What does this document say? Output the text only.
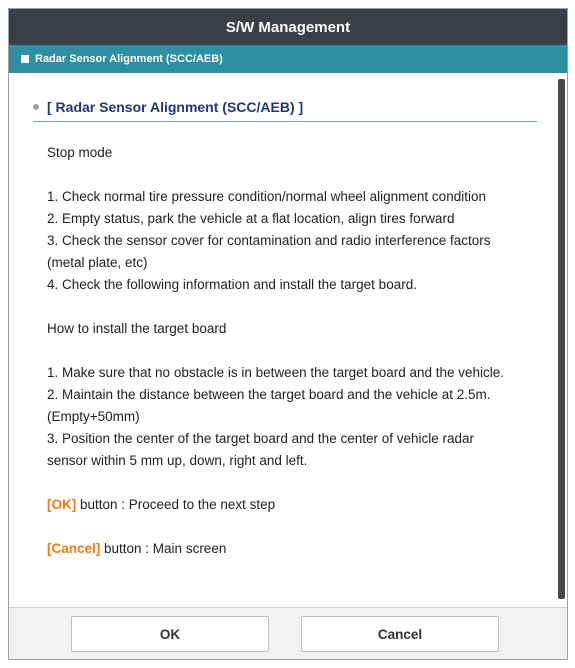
S/W Management
Radar Sensor Alignment (SCC/AEB)
[ Radar Sensor Alignment (SCC/AEB) ]
Stop mode
1. Check normal tire pressure condition/normal wheel alignment condition
2. Empty status, park the vehicle at a flat location, align tires forward
3. Check the sensor cover for contamination and radio interference factors
(metal plate, etc)
4. Check the following information and install the target board.
How to install the target board
1. Make sure that no obstacle is in between the target board and the vehicle.
2. Maintain the distance between the target board and the vehicle at 2.5m.
(Empty+50mm)
3. Position the center of the target board and the center of vehicle radar
sensor within 5 mm up, down, right and left.
[OK] button : Proceed to the next step
[Cancel] button : Main screen
OK	Cancel
